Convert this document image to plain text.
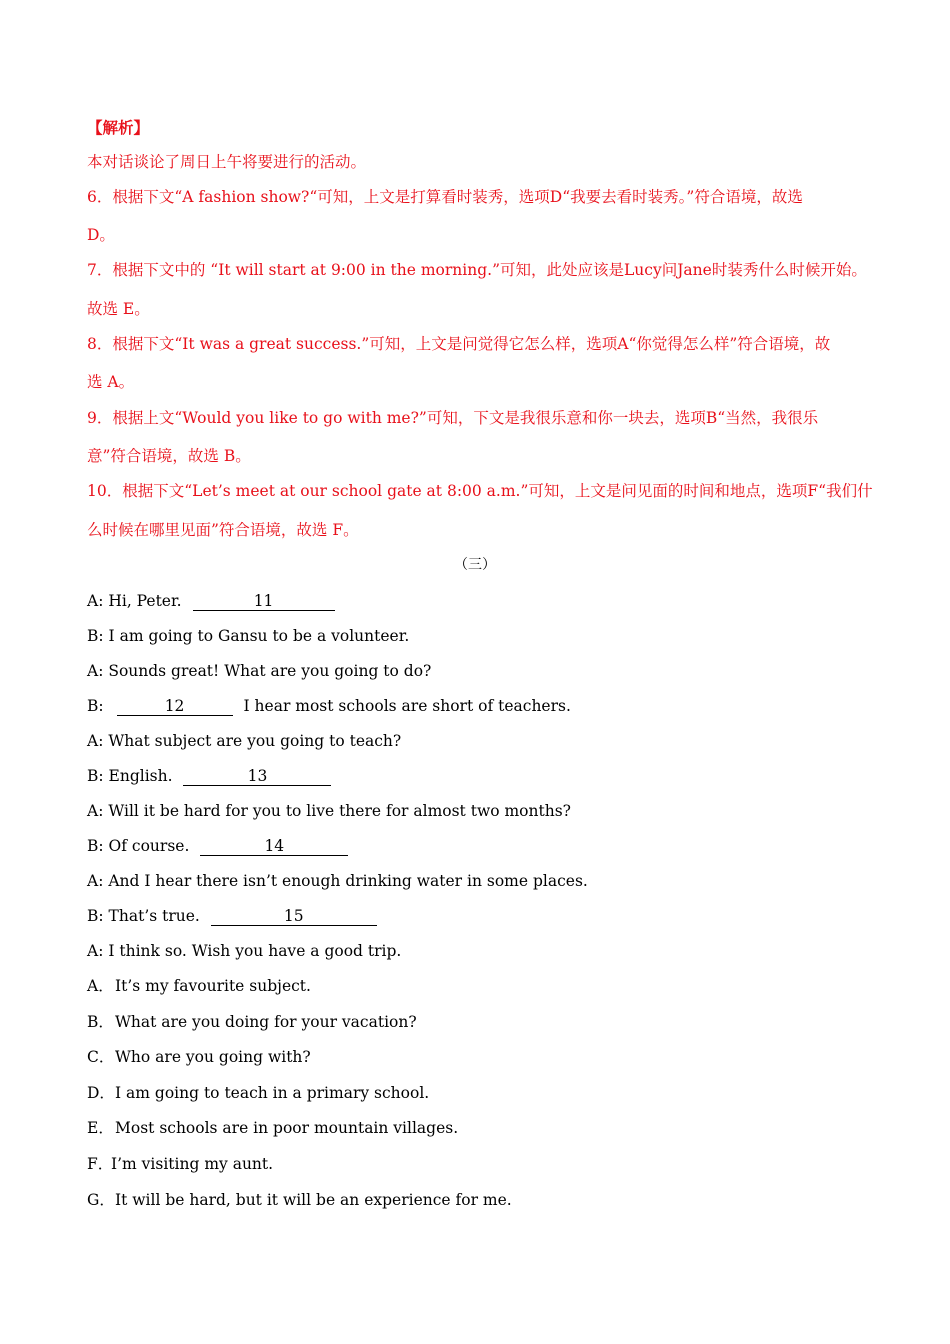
【解析】
本对话谈论了周日上午将要进行的活动。
6．根据下文“A fashion show?“可知，上文是打算看时装秀，选项D“我要去看时装秀。”符合语境，故选
D。
7．根据下文中的 “It will start at 9:00 in the morning.”可知，此处应该是Lucy问Jane时装秀什么时候开始。
故选 E。
8．根据下文“It was a great success.”可知，上文是问觉得它怎么样，选项A“你觉得怎么样”符合语境，故
选 A。
9．根据上文“Would you like to go with me?”可知，下文是我很乐意和你一块去，选项B“当然，我很乐
意”符合语境，故选 B。
10．根据下文“Let’s meet at our school gate at 8:00 a.m.”可知，上文是问见面的时间和地点，选项F“我们什
么时候在哪里见面”符合语境，故选 F。
（三）
A: Hi, Peter.	11
B: I am going to Gansu to be a volunteer.
A: Sounds great! What are you going to do?
B:	12	I hear most schools are short of teachers.
A: What subject are you going to teach?
B: English.	13
A: Will it be hard for you to live there for almost two months?
B: Of course.	14
A: And I hear there isn’t enough drinking water in some places.
B: That’s true.	15
A: I think so. Wish you have a good trip.
A．It’s my favourite subject.
B．What are you doing for your vacation?
C．Who are you going with?
D．I am going to teach in a primary school.
E．Most schools are in poor mountain villages.
F．I’m visiting my aunt.
G．It will be hard, but it will be an experience for me.
